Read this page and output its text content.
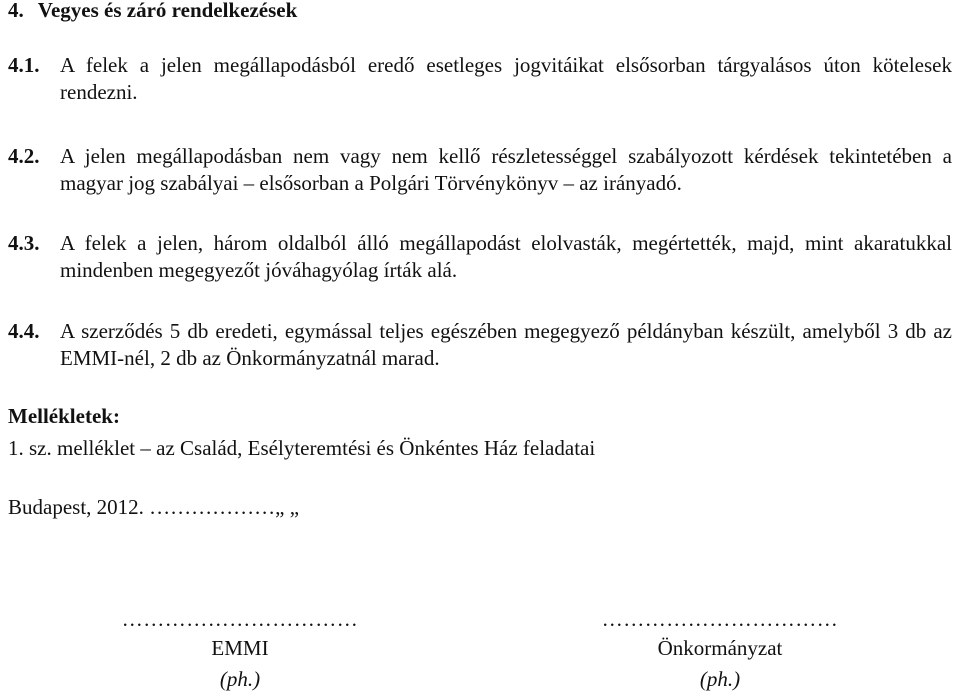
4. Vegyes és záró rendelkezések

4.1. A felek a jelen megállapodásból eredő esetleges jogvitáikat elsősorban tárgyalásos úton kötelesek rendezni.

4.2. A jelen megállapodásban nem vagy nem kellő részletességgel szabályozott kérdések tekintetében a magyar jog szabályai – elsősorban a Polgári Törvénykönyv – az irányadó.

4.3. A felek a jelen, három oldalból álló megállapodást elolvasták, megértették, majd, mint akaratukkal mindenben megegyezőt jóváhagyólag írták alá.

4.4. A szerződés 5 db eredeti, egymással teljes egészében megegyező példányban készült, amelyből 3 db az EMMI-nél, 2 db az Önkormányzatnál marad.

Mellékletek:

1. sz. melléklet – az Család, Esélyteremtési és Önkéntes Ház feladatai

Budapest, 2012. ………………„ „

……………………………
EMMI
(ph.)
……………………………
Önkormányzat
(ph.)
